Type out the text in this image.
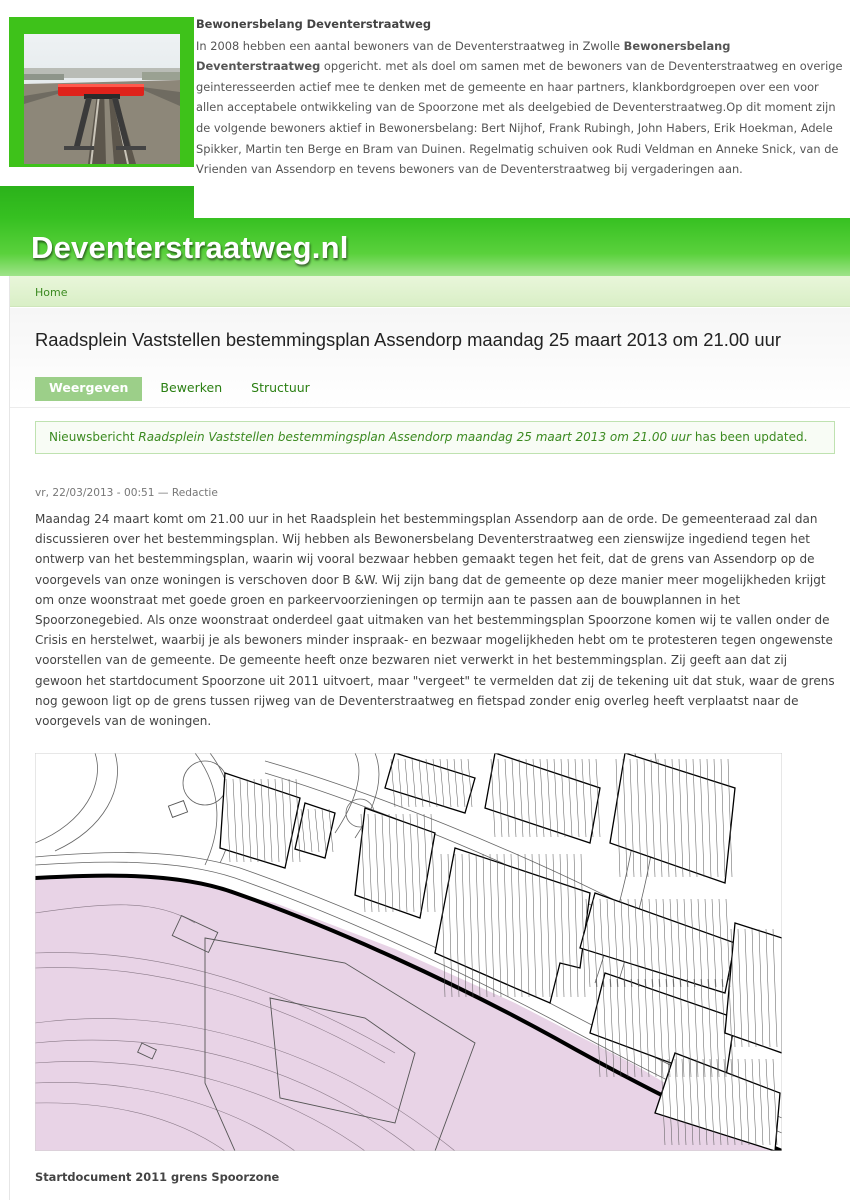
Bewonersbelang Deventerstraatweg

In 2008 hebben een aantal bewoners van de Deventerstraatweg in Zwolle Bewonersbelang Deventerstraatweg opgericht. met als doel om samen met de bewoners van de Deventerstraatweg en overige geinteresseerden actief mee te denken met de gemeente en haar partners, klankbordgroepen over een voor allen acceptabele ontwikkeling van de Spoorzone met als deelgebied de Deventerstraatweg.Op dit moment zijn de volgende bewoners aktief in Bewonersbelang: Bert Nijhof, Frank Rubingh, John Habers, Erik Hoekman, Adele Spikker, Martin ten Berge en Bram van Duinen. Regelmatig schuiven ook Rudi Veldman en Anneke Snick, van de Vrienden van Assendorp en tevens bewoners van de Deventerstraatweg bij vergaderingen aan.

Deventerstraatweg.nl
Home
Raadsplein Vaststellen bestemmingsplan Assendorp maandag 25 maart 2013 om 21.00 uur
Weergeven	Bewerken Structuur
Nieuwsbericht Raadsplein Vaststellen bestemmingsplan Assendorp maandag 25 maart 2013 om 21.00 uur has been updated.
vr, 22/03/2013 - 00:51 — Redactie
Maandag 24 maart komt om 21.00 uur in het Raadsplein het bestemmingsplan Assendorp aan de orde. De gemeenteraad zal dan discussieren over het bestemmingsplan. Wij hebben als Bewonersbelang Deventerstraatweg een zienswijze ingediend tegen het ontwerp van het bestemmingsplan, waarin wij vooral bezwaar hebben gemaakt tegen het feit, dat de grens van Assendorp op de voorgevels van onze woningen is verschoven door B &W. Wij zijn bang dat de gemeente op deze manier meer mogelijkheden krijgt om onze woonstraat met goede groen en parkeervoorzieningen op termijn aan te passen aan de bouwplannen in het Spoorzonegebied. Als onze woonstraat onderdeel gaat uitmaken van het bestemmingsplan Spoorzone komen wij te vallen onder de Crisis en herstelwet, waarbij je als bewoners minder inspraak- en bezwaar mogelijkheden hebt om te protesteren tegen ongewenste voorstellen van de gemeente. De gemeente heeft onze bezwaren niet verwerkt in het bestemmingsplan. Zij geeft aan dat zij gewoon het startdocument Spoorzone uit 2011 uitvoert, maar "vergeet" te vermelden dat zij de tekening uit dat stuk, waar de grens nog gewoon ligt op de grens tussen rijweg van de Deventerstraatweg en fietspad zonder enig overleg heeft verplaatst naar de voorgevels van de woningen.
Startdocument 2011 grens Spoorzone
